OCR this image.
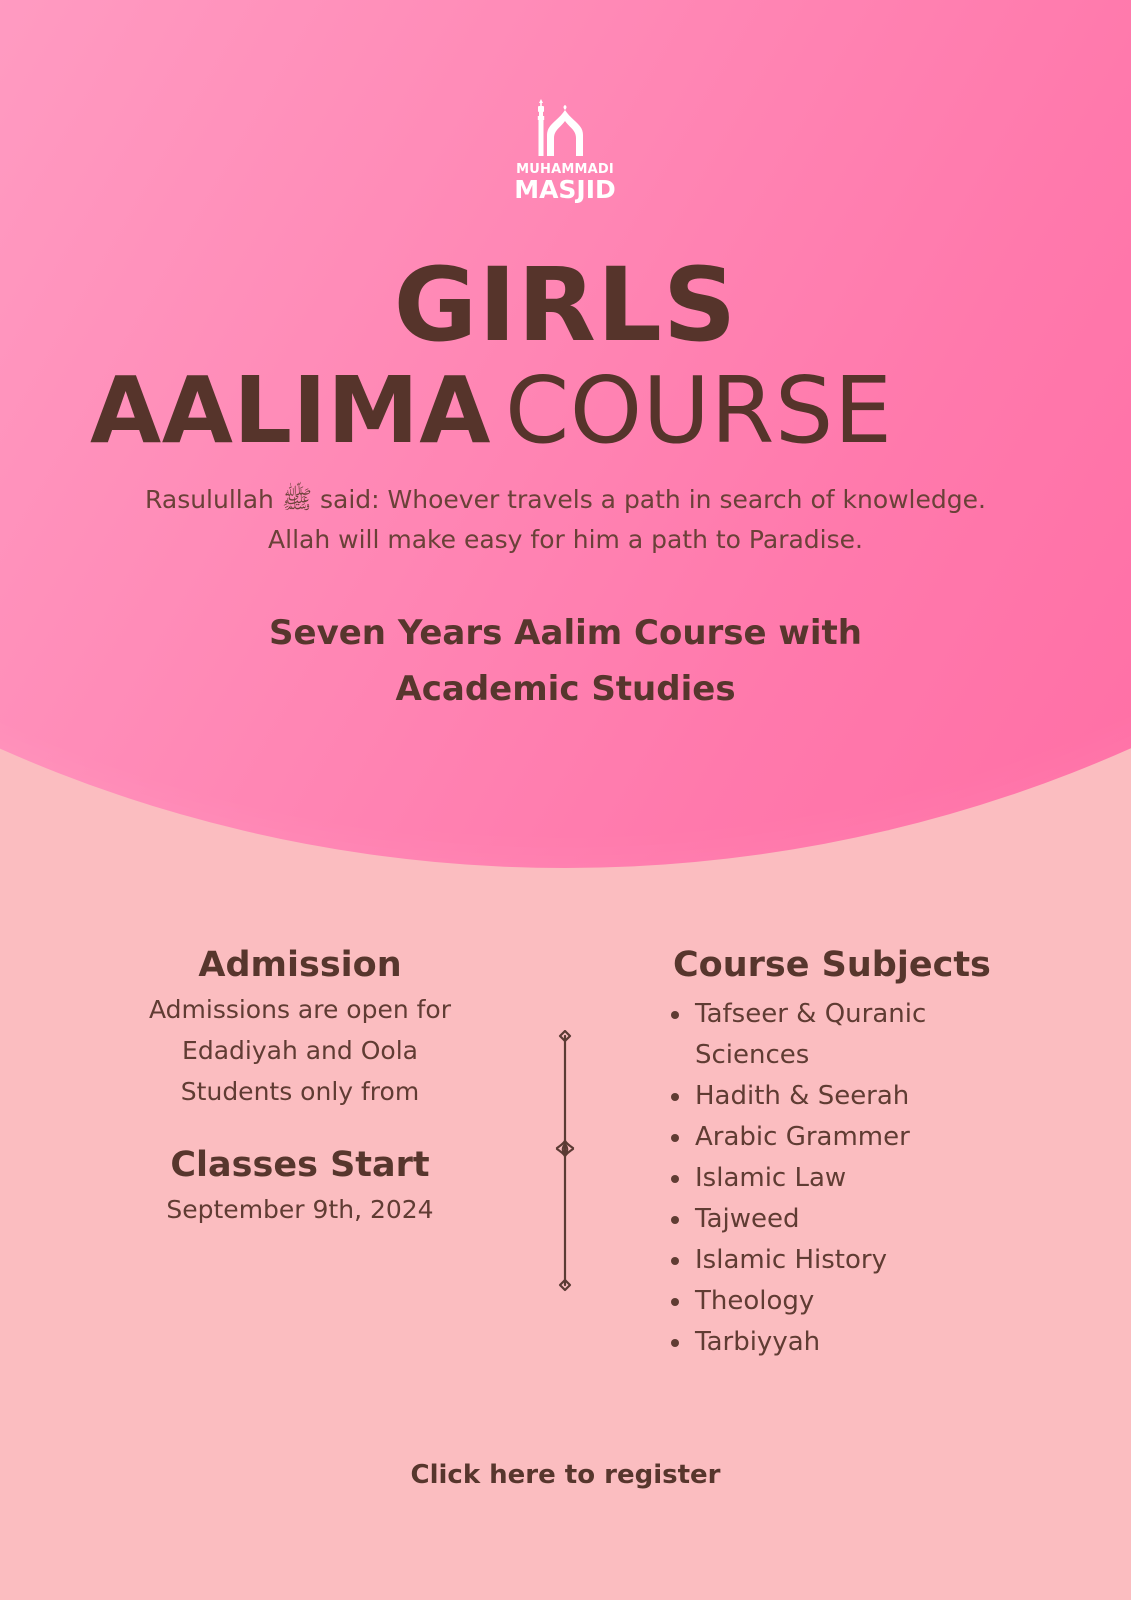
MUHAMMADI
MASJID
GIRLS
AALIMA COURSE
Rasulullah ﷺ said: Whoever travels a path in search of knowledge.
Allah will make easy for him a path to Paradise.
Seven Years Aalim Course with
Academic Studies
Admission
Admissions are open for
Edadiyah and Oola
Students only from
Classes Start
September 9th, 2024
Course Subjects
Tafseer & Quranic Sciences
Hadith & Seerah
Arabic Grammer
Islamic Law
Tajweed
Islamic History
Theology
Tarbiyyah
Click here to register
